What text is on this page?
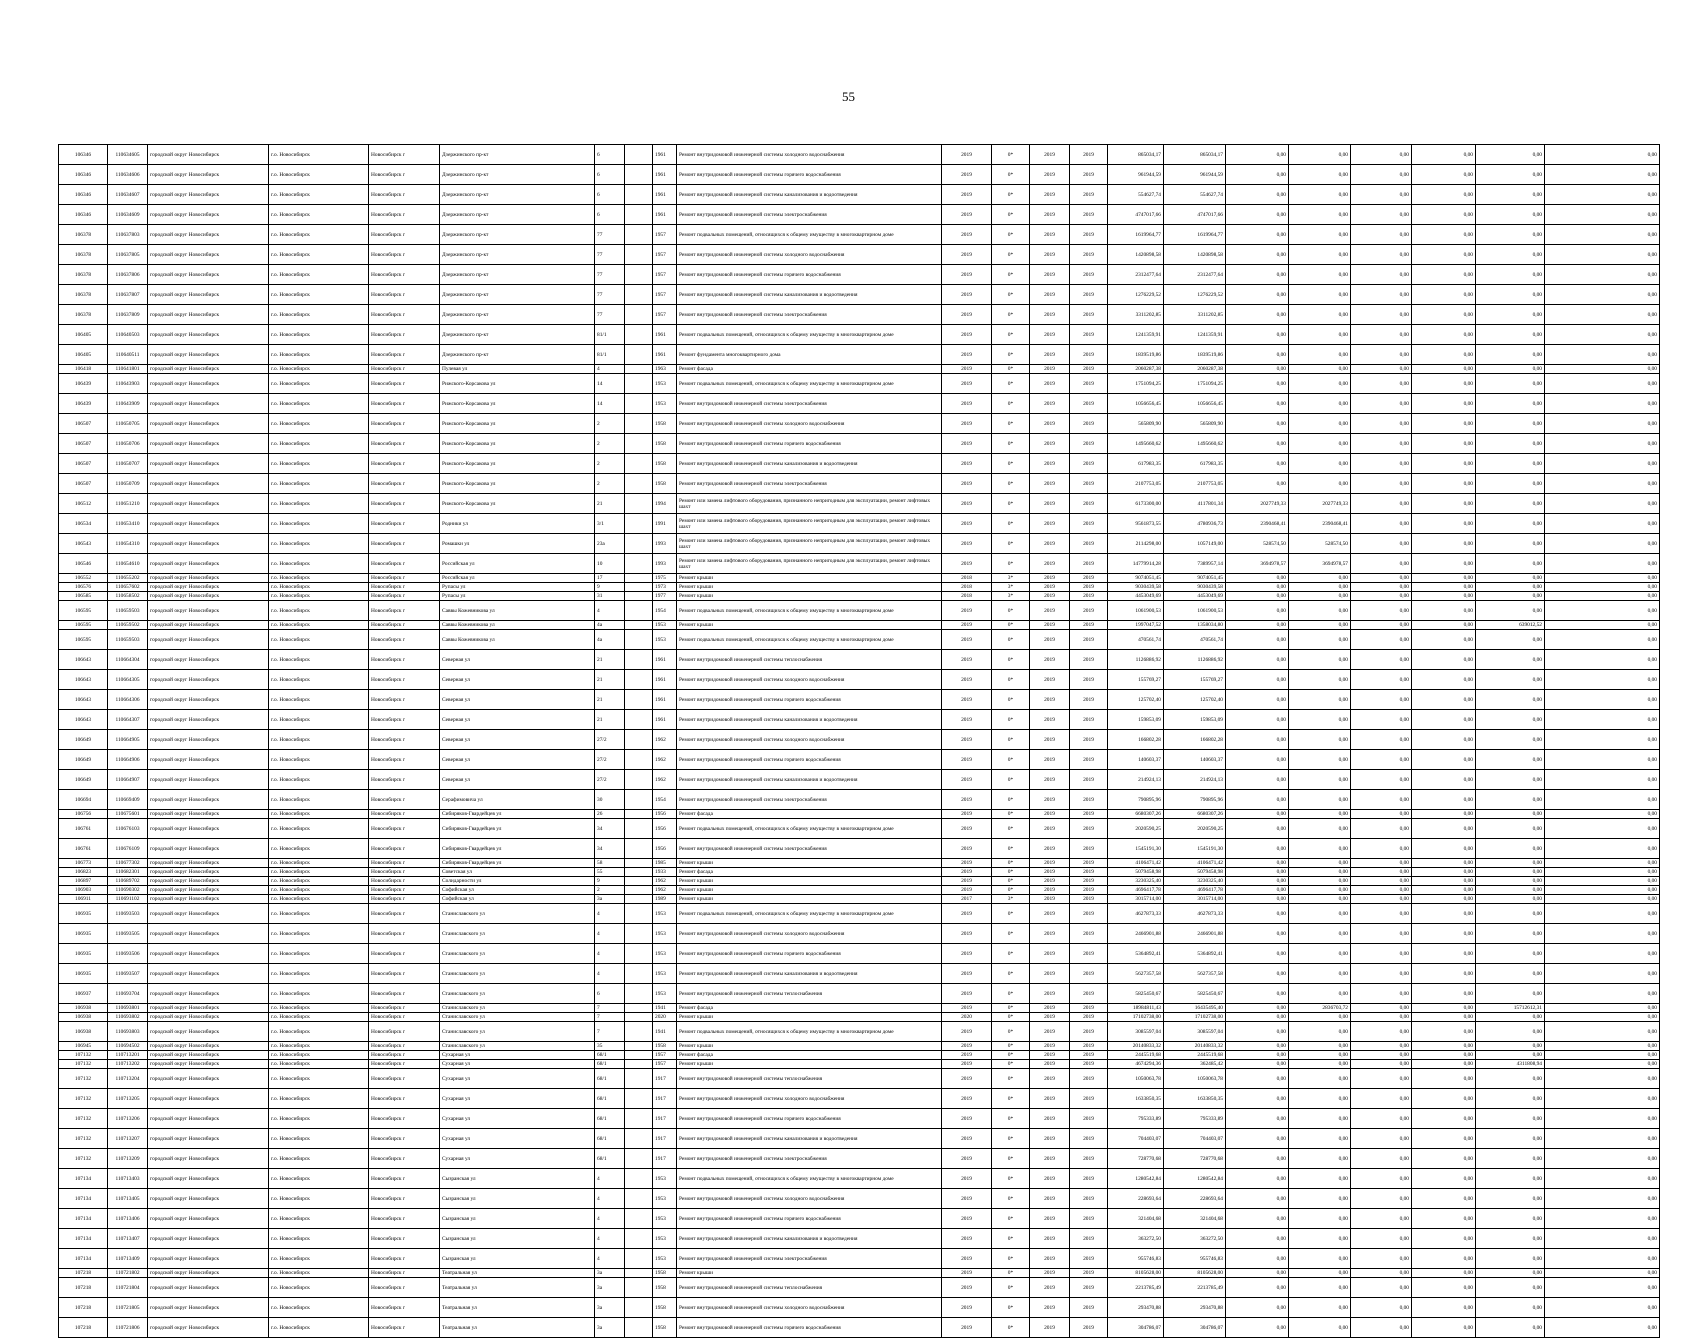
55
106346	110634605	городской округ Новосибирск	г.о. Новосибирск	Новосибирск г	Дзержинского пр-кт	6		1961	Ремонт внутридомовой инженерной системы холодного водоснабжения	2019	0*	2019	2019	865034,17	865034,17	0,00	0,00	0,00	0,00	0,00	0,00
106346	110634606	городской округ Новосибирск	г.о. Новосибирск	Новосибирск г	Дзержинского пр-кт	6		1961	Ремонт внутридомовой инженерной системы горячего водоснабжения	2019	0*	2019	2019	961944,59	961944,59	0,00	0,00	0,00	0,00	0,00	0,00
106346	110634607	городской округ Новосибирск	г.о. Новосибирск	Новосибирск г	Дзержинского пр-кт	6		1961	Ремонт внутридомовой инженерной системы канализования и водоотведения	2019	0*	2019	2019	554627,74	554627,74	0,00	0,00	0,00	0,00	0,00	0,00
106346	110634609	городской округ Новосибирск	г.о. Новосибирск	Новосибирск г	Дзержинского пр-кт	6		1961	Ремонт внутридомовой инженерной системы электроснабжения	2019	0*	2019	2019	4747017,66	4747017,66	0,00	0,00	0,00	0,00	0,00	0,00
106378	110637803	городской округ Новосибирск	г.о. Новосибирск	Новосибирск г	Дзержинского пр-кт	77		1957	Ремонт подвальных помещений, относящихся к общему имуществу в многоквартирном доме	2019	0*	2019	2019	1619964,77	1619964,77	0,00	0,00	0,00	0,00	0,00	0,00
106378	110637805	городской округ Новосибирск	г.о. Новосибирск	Новосибирск г	Дзержинского пр-кт	77		1957	Ремонт внутридомовой инженерной системы холодного водоснабжения	2019	0*	2019	2019	1420898,58	1420898,58	0,00	0,00	0,00	0,00	0,00	0,00
106378	110637806	городской округ Новосибирск	г.о. Новосибирск	Новосибирск г	Дзержинского пр-кт	77		1957	Ремонт внутридомовой инженерной системы горячего водоснабжения	2019	0*	2019	2019	2312477,64	2312477,64	0,00	0,00	0,00	0,00	0,00	0,00
106378	110637807	городской округ Новосибирск	г.о. Новосибирск	Новосибирск г	Дзержинского пр-кт	77		1957	Ремонт внутридомовой инженерной системы канализования и водоотведения	2019	0*	2019	2019	1276229,52	1276229,52	0,00	0,00	0,00	0,00	0,00	0,00
106378	110637809	городской округ Новосибирск	г.о. Новосибирск	Новосибирск г	Дзержинского пр-кт	77		1957	Ремонт внутридомовой инженерной системы электроснабжения	2019	0*	2019	2019	3311202,85	3311202,85	0,00	0,00	0,00	0,00	0,00	0,00
106405	110640503	городской округ Новосибирск	г.о. Новосибирск	Новосибирск г	Дзержинского пр-кт	81/1		1961	Ремонт подвальных помещений, относящихся к общему имуществу в многоквартирном доме	2019	0*	2019	2019	1241359,91	1241359,91	0,00	0,00	0,00	0,00	0,00	0,00
106405	110640511	городской округ Новосибирск	г.о. Новосибирск	Новосибирск г	Дзержинского пр-кт	81/1		1961	Ремонт фундамента многоквартирного дома	2019	0*	2019	2019	1839519,86	1839519,86	0,00	0,00	0,00	0,00	0,00	0,00
106418	110641801	городской округ Новосибирск	г.о. Новосибирск	Новосибирск г	Пулевая ул	4		1963	Ремонт фасада	2019	0*	2019	2019	2060287,38	2060287,38	0,00	0,00	0,00	0,00	0,00	0,00
106439	110643903	городской округ Новосибирск	г.о. Новосибирск	Новосибирск г	Рижского-Корсакова ул	14		1953	Ремонт подвальных помещений, относящихся к общему имуществу в многоквартирном доме	2019	0*	2019	2019	1751094,25	1751094,25	0,00	0,00	0,00	0,00	0,00	0,00
106439	110643909	городской округ Новосибирск	г.о. Новосибирск	Новосибирск г	Рижского-Корсакова ул	14		1953	Ремонт внутридомовой инженерной системы электроснабжения	2019	0*	2019	2019	1056656,45	1056656,45	0,00	0,00	0,00	0,00	0,00	0,00
106507	110650705	городской округ Новосибирск	г.о. Новосибирск	Новосибирск г	Рижского-Корсакова ул	2		1958	Ремонт внутридомовой инженерной системы холодного водоснабжения	2019	0*	2019	2019	565809,90	565809,90	0,00	0,00	0,00	0,00	0,00	0,00
106507	110650706	городской округ Новосибирск	г.о. Новосибирск	Новосибирск г	Рижского-Корсакова ул	2		1958	Ремонт внутридомовой инженерной системы горячего водоснабжения	2019	0*	2019	2019	1495660,62	1495660,62	0,00	0,00	0,00	0,00	0,00	0,00
106507	110650707	городской округ Новосибирск	г.о. Новосибирск	Новосибирск г	Рижского-Корсакова ул	2		1958	Ремонт внутридомовой инженерной системы канализования и водоотведения	2019	0*	2019	2019	617983,35	617983,35	0,00	0,00	0,00	0,00	0,00	0,00
106507	110650709	городской округ Новосибирск	г.о. Новосибирск	Новосибирск г	Рижского-Корсакова ул	2		1958	Ремонт внутридомовой инженерной системы электроснабжения	2019	0*	2019	2019	2107753,05	2107753,05	0,00	0,00	0,00	0,00	0,00	0,00
106512	110651210	городской округ Новосибирск	г.о. Новосибирск	Новосибирск г	Рижского-Корсакова ул	21		1994	Ремонт или замена лифтового оборудования, признанного непригодным для эксплуатации, ремонт лифтовых шахт	2019	0*	2019	2019	6173300,00	4117801,34	2027749,33	2027749,33	0,00	0,00	0,00	0,00
106534	110653410	городской округ Новосибирск	г.о. Новосибирск	Новосибирск г	Родники ул	3/1		1991	Ремонт или замена лифтового оборудования, признанного непригодным для эксплуатации, ремонт лифтовых шахт	2019	0*	2019	2019	9561873,55	4780936,73	2390468,41	2390468,41	0,00	0,00	0,00	0,00
106543	110654310	городской округ Новосибирск	г.о. Новосибирск	Новосибирск г	Ромашки ул	23а		1993	Ремонт или замена лифтового оборудования, признанного непригодным для эксплуатации, ремонт лифтовых шахт	2019	0*	2019	2019	2114298,00	1057149,00	528574,50	528574,50	0,00	0,00	0,00	0,00
106546	110654610	городской округ Новосибирск	г.о. Новосибирск	Новосибирск г	Российская ул	10		1993	Ремонт или замена лифтового оборудования, признанного непригодным для эксплуатации, ремонт лифтовых шахт	2019	0*	2019	2019	14779914,28	7389957,14	3694978,57	3694978,57	0,00	0,00	0,00	0,00
106552	110655202	городской округ Новосибирск	г.о. Новосибирск	Новосибирск г	Российская ул	17		1975	Ремонт крыши	2018	3*	2019	2019	9074051,45	9074051,45	0,00	0,00	0,00	0,00	0,00	0,00
106576	110657602	городской округ Новосибирск	г.о. Новосибирск	Новосибирск г	Рупасы ул	9		1973	Ремонт крыши	2018	3*	2019	2019	9030439,58	9030439,58	0,00	0,00	0,00	0,00	0,00	0,00
106585	110658502	городской округ Новосибирск	г.о. Новосибирск	Новосибирск г	Рупасы ул	31		1977	Ремонт крыши	2018	3*	2019	2019	4453049,69	4453049,69	0,00	0,00	0,00	0,00	0,00	0,00
106595	110659503	городской округ Новосибирск	г.о. Новосибирск	Новосибирск г	Саввы Кожевникова ул	4		1954	Ремонт подвальных помещений, относящихся к общему имуществу в многоквартирном доме	2019	0*	2019	2019	1061900,53	1061900,53	0,00	0,00	0,00	0,00	0,00	0,00
106595	110659502	городской округ Новосибирск	г.о. Новосибирск	Новосибирск г	Саввы Кожевникова ул	4а		1953	Ремонт крыши	2019	0*	2019	2019	1997047,52	1358034,80	0,00	0,00	0,00	0,00	639012,52	0,00
106595	110659503	городской округ Новосибирск	г.о. Новосибирск	Новосибирск г	Саввы Кожевникова ул	4а		1953	Ремонт подвальных помещений, относящихся к общему имуществу в многоквартирном доме	2019	0*	2019	2019	470561,74	470561,74	0,00	0,00	0,00	0,00	0,00	0,00
106643	110664304	городской округ Новосибирск	г.о. Новосибирск	Новосибирск г	Северная ул	21		1961	Ремонт внутридомовой инженерной системы теплоснабжения	2019	0*	2019	2019	1126886,92	1126886,92	0,00	0,00	0,00	0,00	0,00	0,00
106643	110664305	городской округ Новосибирск	г.о. Новосибирск	Новосибирск г	Северная ул	21		1961	Ремонт внутридомовой инженерной системы холодного водоснабжения	2019	0*	2019	2019	155769,27	155769,27	0,00	0,00	0,00	0,00	0,00	0,00
106643	110664306	городской округ Новосибирск	г.о. Новосибирск	Новосибирск г	Северная ул	21		1961	Ремонт внутридомовой инженерной системы горячего водоснабжения	2019	0*	2019	2019	125702,40	125702,40	0,00	0,00	0,00	0,00	0,00	0,00
106643	110664307	городской округ Новосибирск	г.о. Новосибирск	Новосибирск г	Северная ул	21		1961	Ремонт внутридомовой инженерной системы канализования и водоотведения	2019	0*	2019	2019	159853,09	159853,09	0,00	0,00	0,00	0,00	0,00	0,00
106649	110664905	городской округ Новосибирск	г.о. Новосибирск	Новосибирск г	Северная ул	27/2		1962	Ремонт внутридомовой инженерной системы холодного водоснабжения	2019	0*	2019	2019	166802,28	166802,28	0,00	0,00	0,00	0,00	0,00	0,00
106649	110664906	городской округ Новосибирск	г.о. Новосибирск	Новосибирск г	Северная ул	27/2		1962	Ремонт внутридомовой инженерной системы горячего водоснабжения	2019	0*	2019	2019	140603,37	140603,37	0,00	0,00	0,00	0,00	0,00	0,00
106649	110664907	городской округ Новосибирск	г.о. Новосибирск	Новосибирск г	Северная ул	27/2		1962	Ремонт внутридомовой инженерной системы канализования и водоотведения	2019	0*	2019	2019	214924,13	214924,13	0,00	0,00	0,00	0,00	0,00	0,00
106694	110669409	городской округ Новосибирск	г.о. Новосибирск	Новосибирск г	Серафимовича ул	30		1954	Ремонт внутридомовой инженерной системы электроснабжения	2019	0*	2019	2019	790895,96	790895,96	0,00	0,00	0,00	0,00	0,00	0,00
106756	110675601	городской округ Новосибирск	г.о. Новосибирск	Новосибирск г	Сибиряков-Гвардейцев ул	26		1956	Ремонт фасада	2019	0*	2019	2019	6680307,26	6680307,26	0,00	0,00	0,00	0,00	0,00	0,00
106761	110676103	городской округ Новосибирск	г.о. Новосибирск	Новосибирск г	Сибиряков-Гвардейцев ул	34		1956	Ремонт подвальных помещений, относящихся к общему имуществу в многоквартирном доме	2019	0*	2019	2019	2020590,25	2020590,25	0,00	0,00	0,00	0,00	0,00	0,00
106761	110676109	городской округ Новосибирск	г.о. Новосибирск	Новосибирск г	Сибиряков-Гвардейцев ул	34		1956	Ремонт внутридомовой инженерной системы электроснабжения	2019	0*	2019	2019	1545191,30	1545191,30	0,00	0,00	0,00	0,00	0,00	0,00
106773	110677302	городской округ Новосибирск	г.о. Новосибирск	Новосибирск г	Сибиряков-Гвардейцев ул	58		1985	Ремонт крыши	2019	0*	2019	2019	4106471,42	4106471,42	0,00	0,00	0,00	0,00	0,00	0,00
106823	110682301	городской округ Новосибирск	г.о. Новосибирск	Новосибирск г	Советская ул	55		1933	Ремонт фасада	2019	0*	2019	2019	5079458,98	5079458,98	0,00	0,00	0,00	0,00	0,00	0,00
106897	110689702	городской округ Новосибирск	г.о. Новосибирск	Новосибирск г	Солидарности ул	9		1962	Ремонт крыши	2019	0*	2019	2019	3230325,40	3230325,40	0,00	0,00	0,00	0,00	0,00	0,00
106903	110690302	городской округ Новосибирск	г.о. Новосибирск	Новосибирск г	Софийская ул	2		1962	Ремонт крыши	2019	0*	2019	2019	4696417,78	4696417,78	0,00	0,00	0,00	0,00	0,00	0,00
106911	110691102	городской округ Новосибирск	г.о. Новосибирск	Новосибирск г	Софийская ул	3а		1989	Ремонт крыши	2017	3*	2019	2019	3015714,00	3015714,00	0,00	0,00	0,00	0,00	0,00	0,00
106935	110693503	городской округ Новосибирск	г.о. Новосибирск	Новосибирск г	Станиславского ул	4		1953	Ремонт подвальных помещений, относящихся к общему имуществу в многоквартирном доме	2019	0*	2019	2019	4627873,33	4627873,33	0,00	0,00	0,00	0,00	0,00	0,00
106935	110693505	городской округ Новосибирск	г.о. Новосибирск	Новосибирск г	Станиславского ул	4		1953	Ремонт внутридомовой инженерной системы холодного водоснабжения	2019	0*	2019	2019	2466901,88	2466901,88	0,00	0,00	0,00	0,00	0,00	0,00
106935	110693506	городской округ Новосибирск	г.о. Новосибирск	Новосибирск г	Станиславского ул	4		1953	Ремонт внутридомовой инженерной системы горячего водоснабжения	2019	0*	2019	2019	5364892,41	5364892,41	0,00	0,00	0,00	0,00	0,00	0,00
106935	110693507	городской округ Новосибирск	г.о. Новосибирск	Новосибирск г	Станиславского ул	4		1953	Ремонт внутридомовой инженерной системы канализования и водоотведения	2019	0*	2019	2019	5627357,58	5627357,58	0,00	0,00	0,00	0,00	0,00	0,00
106937	110693704	городской округ Новосибирск	г.о. Новосибирск	Новосибирск г	Станиславского ул	6		1953	Ремонт внутридомовой инженерной системы теплоснабжения	2019	0*	2019	2019	5825450,67	5825450,67	0,00	0,00	0,00	0,00	0,00	0,00
106938	110693801	городской округ Новосибирск	г.о. Новосибирск	Новосибирск г	Станиславского ул	7		1941	Ремонт фасада	2019	0*	2019	2019	18984811,43	16435495,40	0,00	2836703,72	0,00	0,00	15712612,31	0,00
106938	110693802	городской округ Новосибирск	г.о. Новосибирск	Новосибирск г	Станиславского ул	7		2020	Ремонт крыши	2020	0*	2019	2019	17102738,00	17102738,00	0,00	0,00	0,00	0,00	0,00	0,00
106938	110693803	городской округ Новосибирск	г.о. Новосибирск	Новосибирск г	Станиславского ул	7		1941	Ремонт подвальных помещений, относящихся к общему имуществу в многоквартирном доме	2019	0*	2019	2019	3085597,04	3085597,04	0,00	0,00	0,00	0,00	0,00	0,00
106945	110694502	городской округ Новосибирск	г.о. Новосибирск	Новосибирск г	Станиславского ул	35		1958	Ремонт крыши	2019	0*	2019	2019	20140833,32	20140833,32	0,00	0,00	0,00	0,00	0,00	0,00
107132	110713201	городской округ Новосибирск	г.о. Новосибирск	Новосибирск г	Сухарная ул	68/1		1957	Ремонт фасада	2019	0*	2019	2019	2445519,68	2445519,68	0,00	0,00	0,00	0,00	0,00	0,00
107132	110713202	городской округ Новосибирск	г.о. Новосибирск	Новосибирск г	Сухарная ул	68/1		1957	Ремонт крыши	2019	0*	2019	2019	4674294,36	362485,42	0,00	0,00	0,00	0,00	4311808,94	0,00
107132	110713204	городской округ Новосибирск	г.о. Новосибирск	Новосибирск г	Сухарная ул	68/1		1917	Ремонт внутридомовой инженерной системы теплоснабжения	2019	0*	2019	2019	1050063,78	1050063,78	0,00	0,00	0,00	0,00	0,00	0,00
107132	110713205	городской округ Новосибирск	г.о. Новосибирск	Новосибирск г	Сухарная ул	68/1		1917	Ремонт внутридомовой инженерной системы холодного водоснабжения	2019	0*	2019	2019	1633850,35	1633850,35	0,00	0,00	0,00	0,00	0,00	0,00
107132	110713206	городской округ Новосибирск	г.о. Новосибирск	Новосибирск г	Сухарная ул	68/1		1917	Ремонт внутридомовой инженерной системы горячего водоснабжения	2019	0*	2019	2019	795333,89	795333,89	0,00	0,00	0,00	0,00	0,00	0,00
107132	110713207	городской округ Новосибирск	г.о. Новосибирск	Новосибирск г	Сухарная ул	68/1		1917	Ремонт внутридомовой инженерной системы канализования и водоотведения	2019	0*	2019	2019	704403,07	704403,07	0,00	0,00	0,00	0,00	0,00	0,00
107132	110713209	городской округ Новосибирск	г.о. Новосибирск	Новосибирск г	Сухарная ул	68/1		1917	Ремонт внутридомовой инженерной системы электроснабжения	2019	0*	2019	2019	728770,68	728770,68	0,00	0,00	0,00	0,00	0,00	0,00
107134	110713403	городской округ Новосибирск	г.о. Новосибирск	Новосибирск г	Сызранская ул	4		1953	Ремонт подвальных помещений, относящихся к общему имуществу в многоквартирном доме	2019	0*	2019	2019	1280542,84	1280542,84	0,00	0,00	0,00	0,00	0,00	0,00
107134	110713405	городской округ Новосибирск	г.о. Новосибирск	Новосибирск г	Сызранская ул	4		1953	Ремонт внутридомовой инженерной системы холодного водоснабжения	2019	0*	2019	2019	228693,64	228693,64	0,00	0,00	0,00	0,00	0,00	0,00
107134	110713406	городской округ Новосибирск	г.о. Новосибирск	Новосибирск г	Сызранская ул	4		1953	Ремонт внутридомовой инженерной системы горячего водоснабжения	2019	0*	2019	2019	321404,68	321404,68	0,00	0,00	0,00	0,00	0,00	0,00
107134	110713407	городской округ Новосибирск	г.о. Новосибирск	Новосибирск г	Сызранская ул	4		1953	Ремонт внутридомовой инженерной системы канализования и водоотведения	2019	0*	2019	2019	363272,50	363272,50	0,00	0,00	0,00	0,00	0,00	0,00
107134	110713409	городской округ Новосибирск	г.о. Новосибирск	Новосибирск г	Сызранская ул	4		1953	Ремонт внутридомовой инженерной системы электроснабжения	2019	0*	2019	2019	955746,83	955746,83	0,00	0,00	0,00	0,00	0,00	0,00
107218	110721802	городской округ Новосибирск	г.о. Новосибирск	Новосибирск г	Театральная ул	3а		1958	Ремонт крыши	2019	0*	2019	2019	8105628,00	8105628,00	0,00	0,00	0,00	0,00	0,00	0,00
107218	110721804	городской округ Новосибирск	г.о. Новосибирск	Новосибирск г	Театральная ул	3а		1958	Ремонт внутридомовой инженерной системы теплоснабжения	2019	0*	2019	2019	2213785,49	2213785,49	0,00	0,00	0,00	0,00	0,00	0,00
107218	110721805	городской округ Новосибирск	г.о. Новосибирск	Новосибирск г	Театральная ул	3а		1958	Ремонт внутридомовой инженерной системы холодного водоснабжения	2019	0*	2019	2019	293470,88	293470,88	0,00	0,00	0,00	0,00	0,00	0,00
107218	110721806	городской округ Новосибирск	г.о. Новосибирск	Новосибирск г	Театральная ул	3а		1958	Ремонт внутридомовой инженерной системы горячего водоснабжения	2019	0*	2019	2019	304786,07	304786,07	0,00	0,00	0,00	0,00	0,00	0,00
